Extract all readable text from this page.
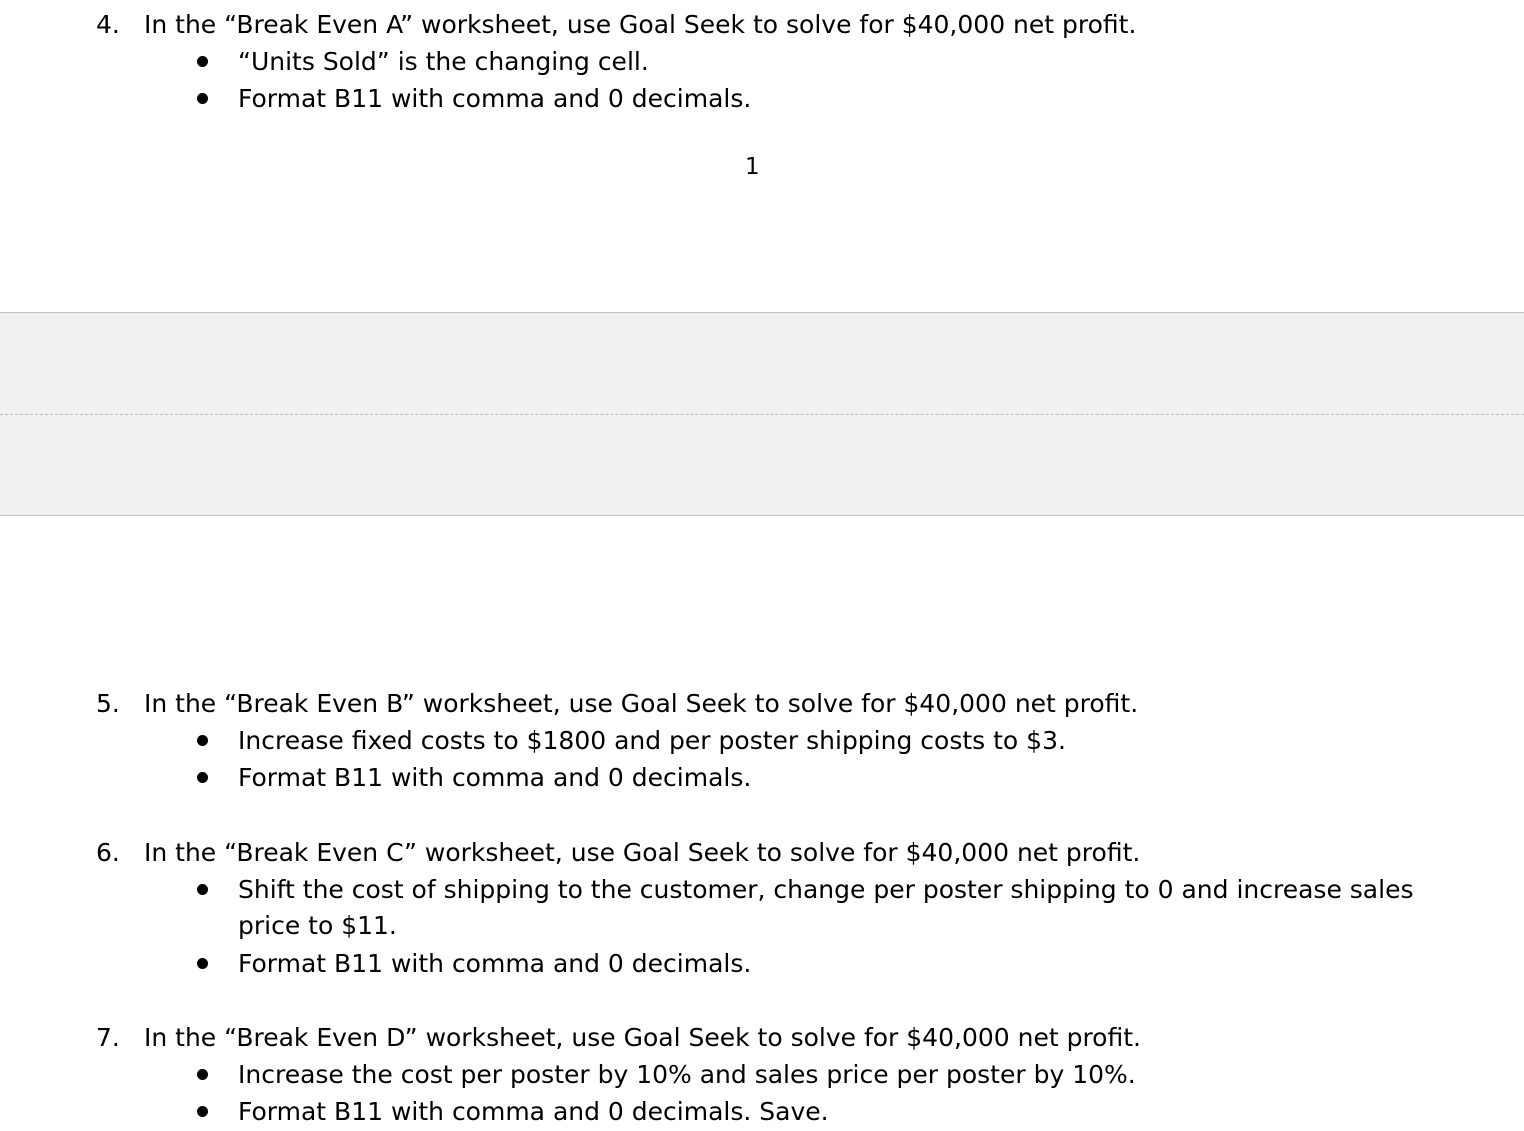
4. In the “Break Even A” worksheet, use Goal Seek to solve for $40,000 net profit.
“Units Sold” is the changing cell.
Format B11 with comma and 0 decimals.
1
5. In the “Break Even B” worksheet, use Goal Seek to solve for $40,000 net profit.
Increase fixed costs to $1800 and per poster shipping costs to $3.
Format B11 with comma and 0 decimals.
6. In the “Break Even C” worksheet, use Goal Seek to solve for $40,000 net profit.
Shift the cost of shipping to the customer, change per poster shipping to 0 and increase sales price to $11.
Format B11 with comma and 0 decimals.
7. In the “Break Even D” worksheet, use Goal Seek to solve for $40,000 net profit.
Increase the cost per poster by 10% and sales price per poster by 10%.
Format B11 with comma and 0 decimals. Save.
